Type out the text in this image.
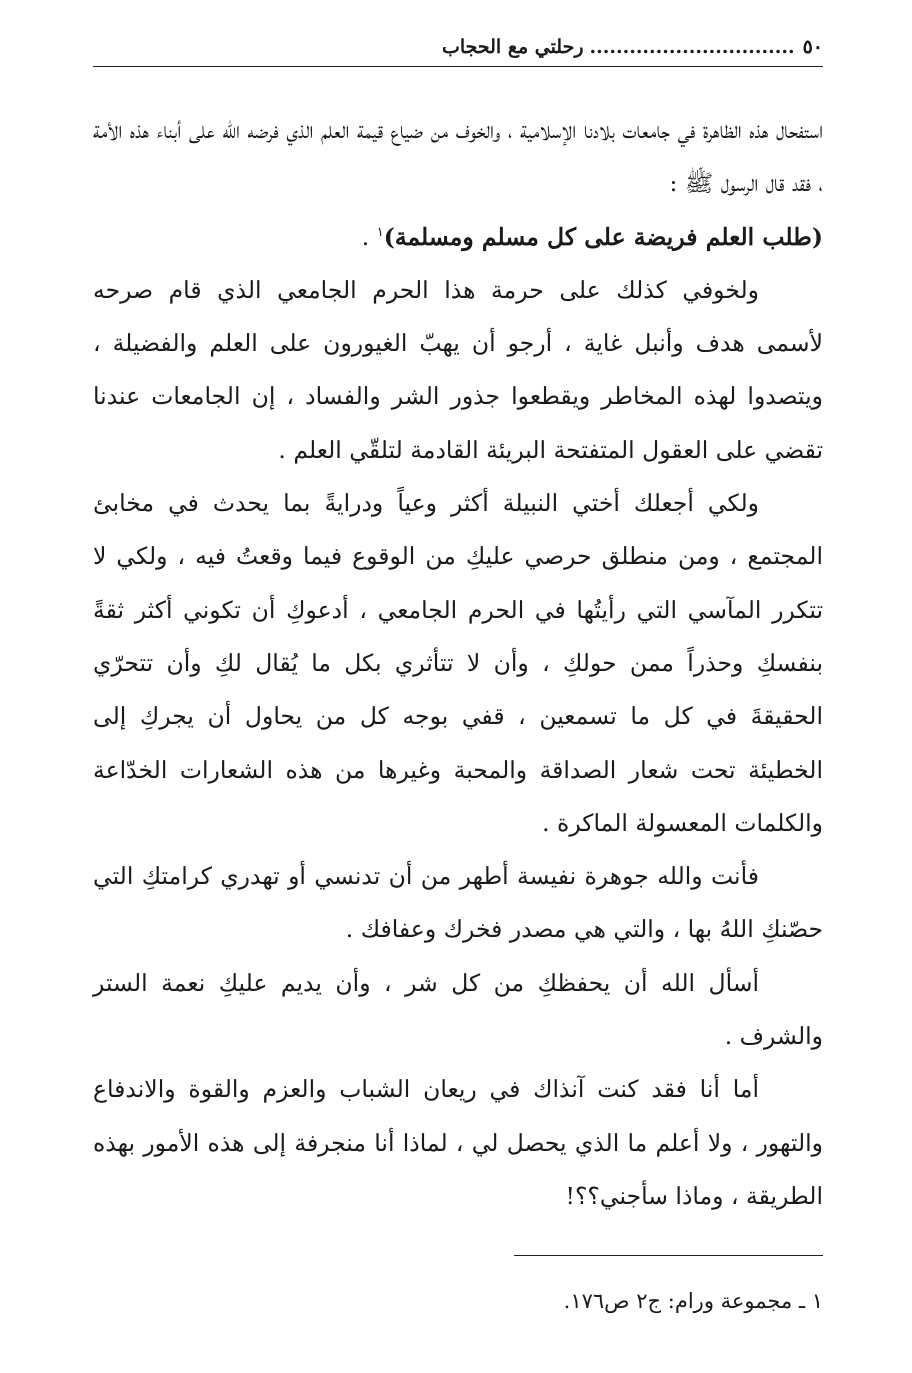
٥٠...............................رحلتي مع الحجاب

استفحال هذه الظاهرة في جامعات بلادنا الإسلامية ، والخوف من ضياع قيمة العلم الذي فرضه الله على أبناء هذه الأمة ، فقد قال الرسول ﷺ :
(طلب العلم فريضة على كل مسلم ومسلمة)$^١$ .

ولخوفي كذلك على حرمة هذا الحرم الجامعي الذي قام صرحه لأسمى هدف وأنبل غاية ، أرجو أن يهبّ الغيورون على العلم والفضيلة ، ويتصدوا لهذه المخاطر ويقطعوا جذور الشر والفساد ، إن الجامعات عندنا تقضي على العقول المتفتحة البريئة القادمة لتلقّي العلم .

ولكي أجعلك أختي النبيلة أكثر وعياً ودرايةً بما يحدث في مخابئ المجتمع ، ومن منطلق حرصي عليكِ من الوقوع فيما وقعتُ فيه ، ولكي لا تتكرر المآسي التي رأيتُها في الحرم الجامعي ، أدعوكِ أن تكوني أكثر ثقةً بنفسكِ وحذراً ممن حولكِ ، وأن لا تتأثري بكل ما يُقال لكِ وأن تتحرّي الحقيقةَ في كل ما تسمعين ، قفي بوجه كل من يحاول أن يجركِ إلى الخطيئة تحت شعار الصداقة والمحبة وغيرها من هذه الشعارات الخدّاعة والكلمات المعسولة الماكرة .

فأنت والله جوهرة نفيسة أطهر من أن تدنسي أو تهدري كرامتكِ التي حصّنكِ اللهُ بها ، والتي هي مصدر فخرك وعفافك .

أسأل الله أن يحفظكِ من كل شر ، وأن يديم عليكِ نعمة الستر والشرف .

أما أنا فقد كنت آنذاك في ريعان الشباب والعزم والقوة والاندفاع والتهور ، ولا أعلم ما الذي يحصل لي ، لماذا أنا منجرفة إلى هذه الأمور بهذه الطريقة ، وماذا سأجني؟؟!

١ ـ مجموعة ورام: ج٢ ص١٧٦.
